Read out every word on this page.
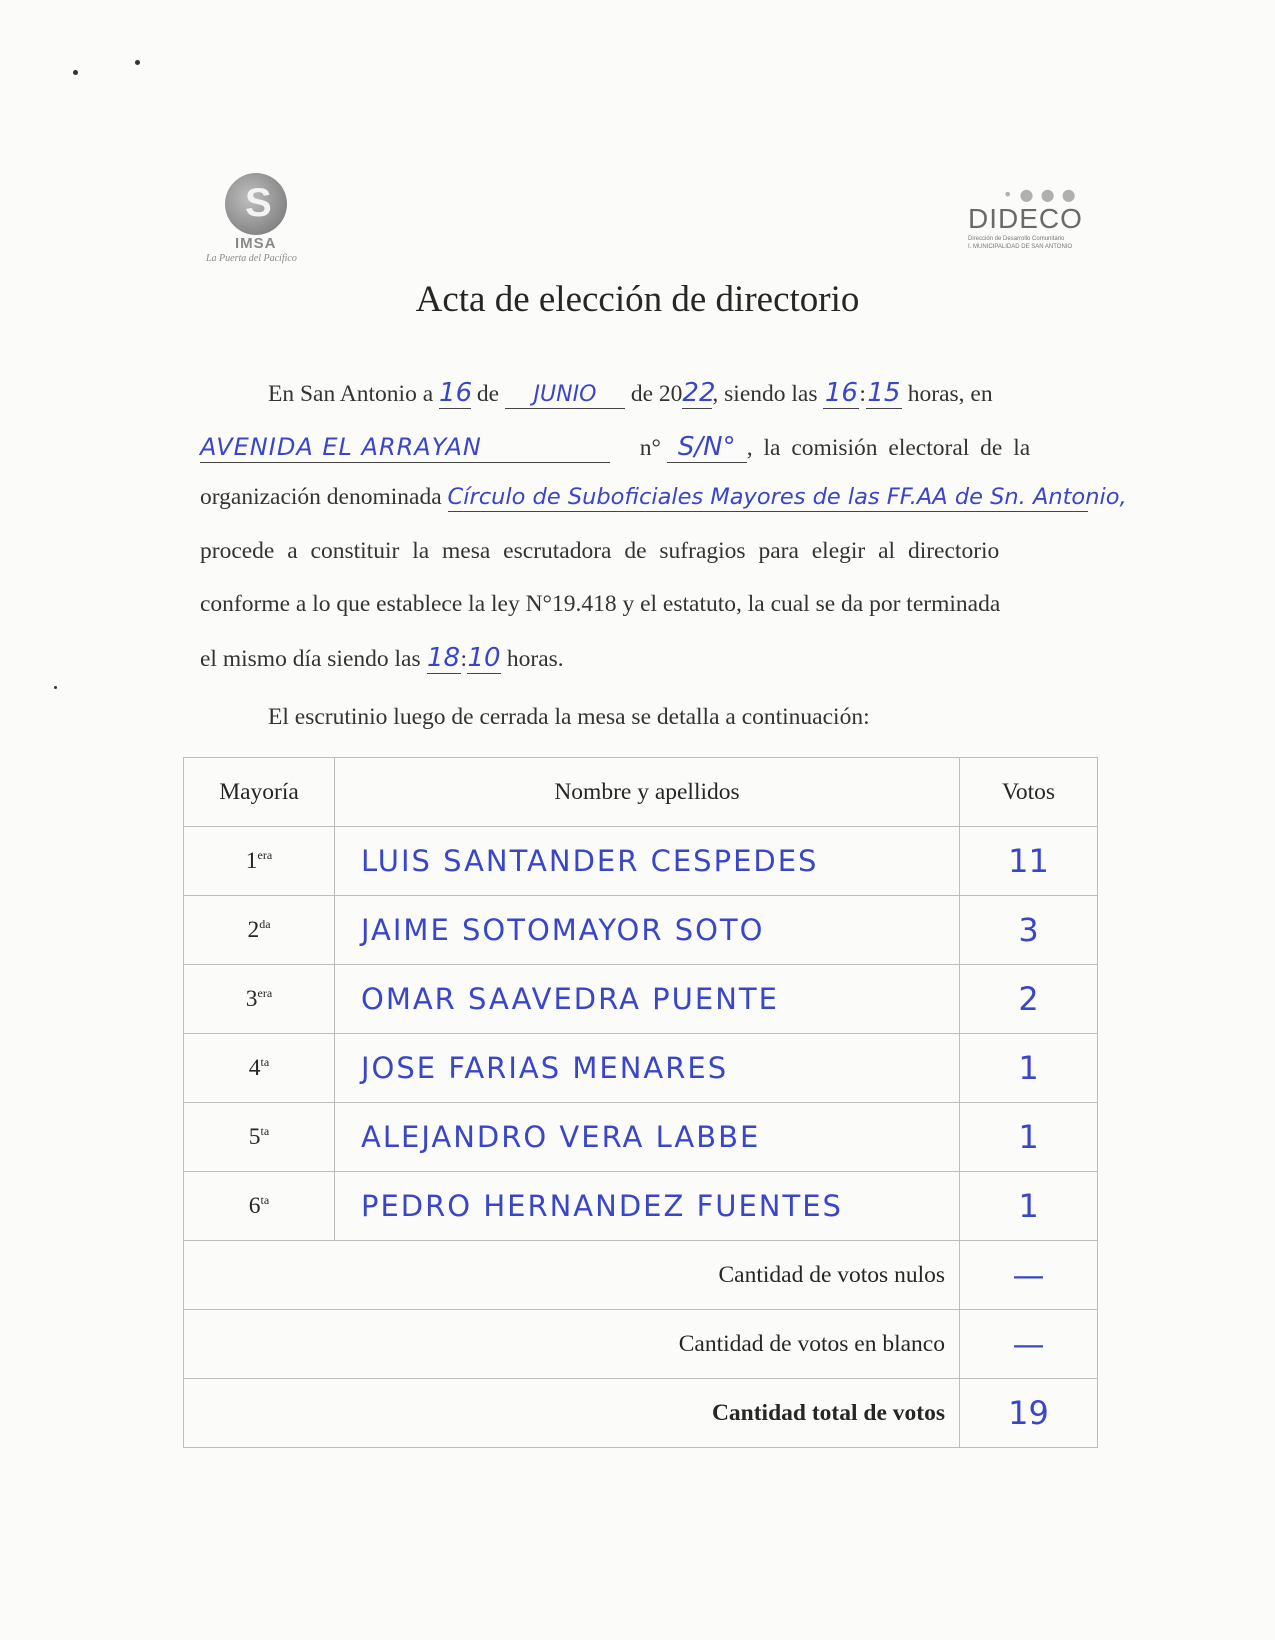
S
IMSA
La Puerta del Pacífico
• ● ● ●
DIDECO
Dirección de Desarrollo Comunitario
I. MUNICIPALIDAD DE SAN ANTONIO
Acta de elección de directorio
En San Antonio a 16 de JUNIO de 2022, siendo las 16:15 horas, en
AVENIDA EL ARRAYAN	n° S/N° , la comisión electoral de la
organización denominada Círculo de Suboficiales Mayores de las FF.AA de Sn. Antonio,
procede a constituir la mesa escrutadora de sufragios para elegir al directorio
conforme a lo que establece la ley N°19.418 y el estatuto, la cual se da por terminada
el mismo día siendo las 18:10 horas.
El escrutinio luego de cerrada la mesa se detalla a continuación:
Mayoría	Nombre y apellidos	Votos
$1^{era}$	LUIS SANTANDER CESPEDES	11
$2^{da}$	JAIME SOTOMAYOR SOTO	3
$3^{era}$	OMAR SAAVEDRA PUENTE	2
$4^{ta}$	JOSE FARIAS MENARES	1
$5^{ta}$	ALEJANDRO VERA LABBE	1
$6^{ta}$	PEDRO HERNANDEZ FUENTES	1
Cantidad de votos nulos		—
Cantidad de votos en blanco		—
Cantidad total de votos		19
